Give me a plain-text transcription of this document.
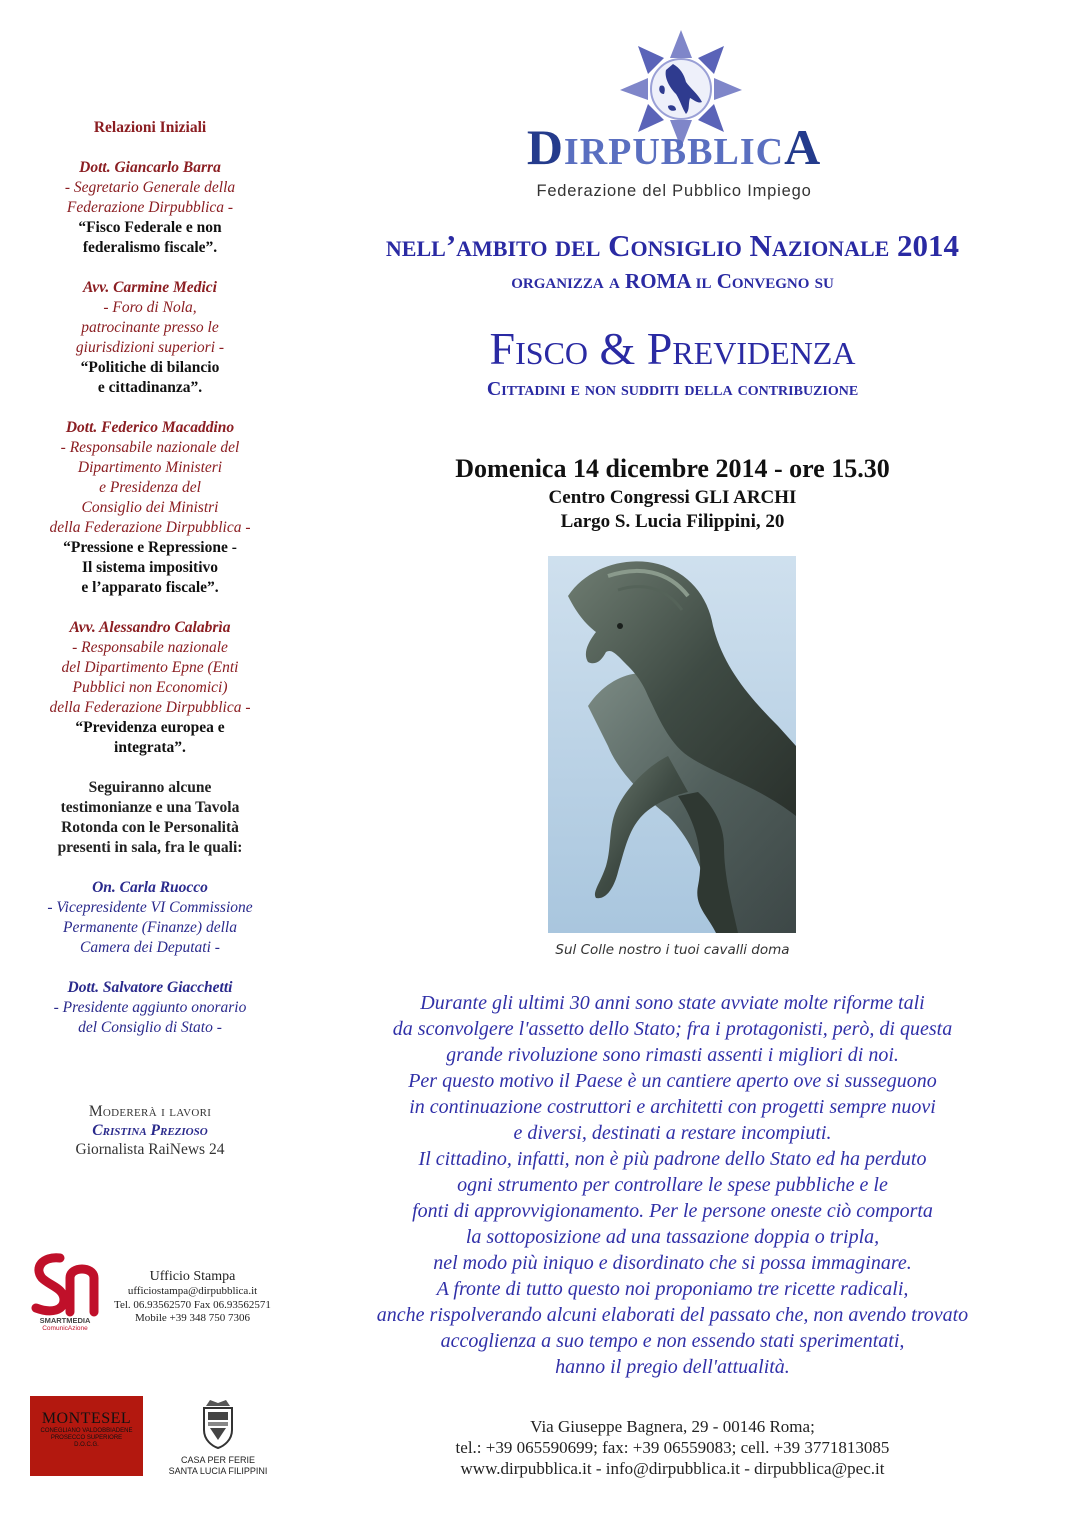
Relazioni Iniziali
Dott. Giancarlo Barra
- Segretario Generale della
Federazione Dirpubblica -
“Fisco Federale e non
federalismo fiscale”.
Avv. Carmine Medici
- Foro di Nola,
patrocinante presso le
giurisdizioni superiori -
“Politiche di bilancio
e cittadinanza”.
Dott. Federico Macaddino
- Responsabile nazionale del
Dipartimento Ministeri
e Presidenza del
Consiglio dei Ministri
della Federazione Dirpubblica -
“Pressione e Repressione -
Il sistema impositivo
e l’apparato fiscale”.
Avv. Alessandro Calabrìa
- Responsabile nazionale
del Dipartimento Epne (Enti
Pubblici non Economici)
della Federazione Dirpubblica -
“Previdenza europea e
integrata”.
Seguiranno alcune
testimonianze e una Tavola
Rotonda con le Personalità
presenti in sala, fra le quali:
On. Carla Ruocco
- Vicepresidente VI Commissione
Permanente (Finanze) della
Camera dei Deputati -
Dott. Salvatore Giacchetti
- Presidente aggiunto onorario
del Consiglio di Stato -
Modererà i lavori
Cristina Prezioso
Giornalista RaiNews 24
SMARTMEDIA
ComunicAzione
Ufficio Stampa
ufficiostampa@dirpubblica.it
Tel. 06.93562570 Fax 06.93562571
Mobile +39 348 750 7306
MONTESEL
CONEGLIANO VALDOBBIADENE
PROSECCO SUPERIORE
D.O.C.G.
CASA PER FERIE
SANTA LUCIA FILIPPINI
DIRPUBBLICA
Federazione del Pubblico Impiego
nell’ambito del Consiglio Nazionale 2014
organizza a ROMA il Convegno su
Fisco & Previdenza
Cittadini e non sudditi della contribuzione
Domenica 14 dicembre 2014 - ore 15.30
Centro Congressi GLI ARCHI
Largo S. Lucia Filippini, 20
Sul Colle nostro i tuoi cavalli doma
Durante gli ultimi 30 anni sono state avviate molte riforme tali
da sconvolgere l'assetto dello Stato; fra i protagonisti, però, di questa
grande rivoluzione sono rimasti assenti i migliori di noi.
Per questo motivo il Paese è un cantiere aperto ove si susseguono
in continuazione costruttori e architetti con progetti sempre nuovi
e diversi, destinati a restare incompiuti.
Il cittadino, infatti, non è più padrone dello Stato ed ha perduto
ogni strumento per controllare le spese pubbliche e le
fonti di approvvigionamento. Per le persone oneste ciò comporta
la sottoposizione ad una tassazione doppia o tripla,
nel modo più iniquo e disordinato che si possa immaginare.
A fronte di tutto questo noi proponiamo tre ricette radicali,
anche rispolverando alcuni elaborati del passato che, non avendo trovato
accoglienza a suo tempo e non essendo stati sperimentati,
hanno il pregio dell'attualità.
Via Giuseppe Bagnera, 29 - 00146 Roma;
tel.: +39 065590699; fax: +39 06559083; cell. +39 3771813085
www.dirpubblica.it - info@dirpubblica.it - dirpubblica@pec.it
